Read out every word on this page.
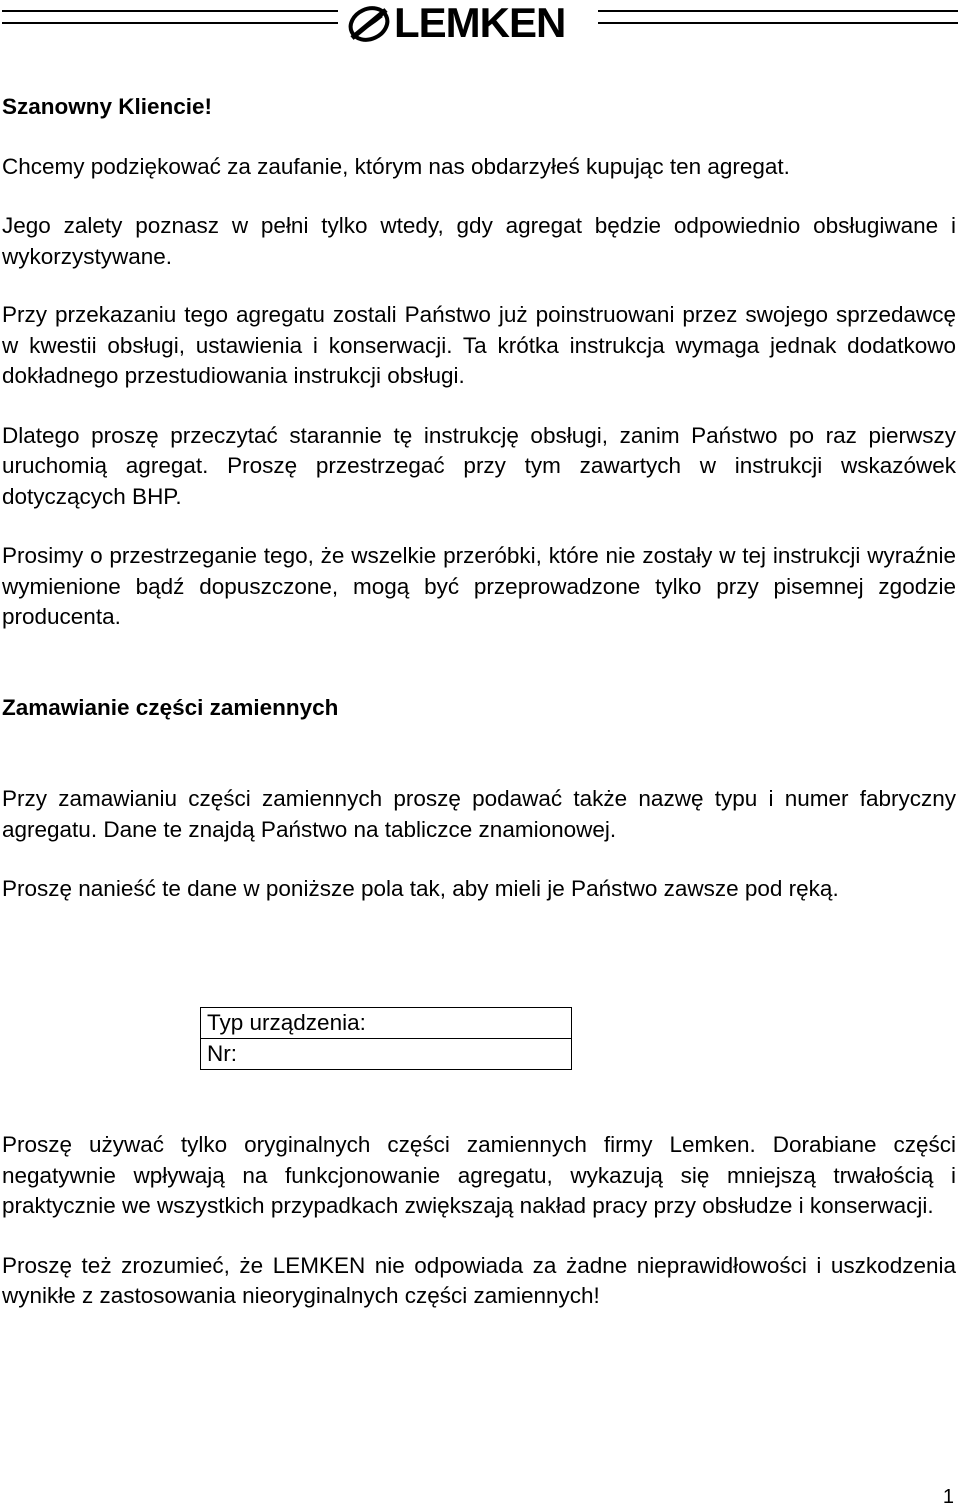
LEMKEN

Szanowny Kliencie!

Chcemy podziękować za zaufanie, którym nas obdarzyłeś kupując ten agregat.

Jego zalety poznasz w pełni tylko wtedy, gdy agregat będzie odpowiednio obsługiwane i wykorzystywane.

Przy przekazaniu tego agregatu zostali Państwo już poinstruowani przez swojego sprzedawcę w kwestii obsługi, ustawienia i konserwacji. Ta krótka instrukcja wymaga jednak dodatkowo dokładnego przestudiowania instrukcji obsługi.

Dlatego proszę przeczytać starannie tę instrukcję obsługi, zanim Państwo po raz pierwszy uruchomią agregat. Proszę przestrzegać przy tym zawartych w instrukcji wskazówek dotyczących BHP.

Prosimy o przestrzeganie tego, że wszelkie przeróbki, które nie zostały w tej instrukcji wyraźnie wymienione bądź dopuszczone, mogą być przeprowadzone tylko przy pisemnej zgodzie producenta.

Zamawianie części zamiennych

Przy zamawianiu części zamiennych proszę podawać także nazwę typu i numer fabryczny agregatu. Dane te znajdą Państwo na tabliczce znamionowej.

Proszę nanieść te dane w poniższe pola tak, aby mieli je Państwo zawsze pod ręką.

Typ urządzenia:
Nr:

Proszę używać tylko oryginalnych części zamiennych firmy Lemken. Dorabiane części negatywnie wpływają na funkcjonowanie agregatu, wykazują się mniejszą trwałością i praktycznie we wszystkich przypadkach zwiększają nakład pracy przy obsłudze i konserwacji.

Proszę też zrozumieć, że LEMKEN nie odpowiada za żadne nieprawidłowości i uszkodzenia wynikłe z zastosowania nieoryginalnych części zamiennych!

1
